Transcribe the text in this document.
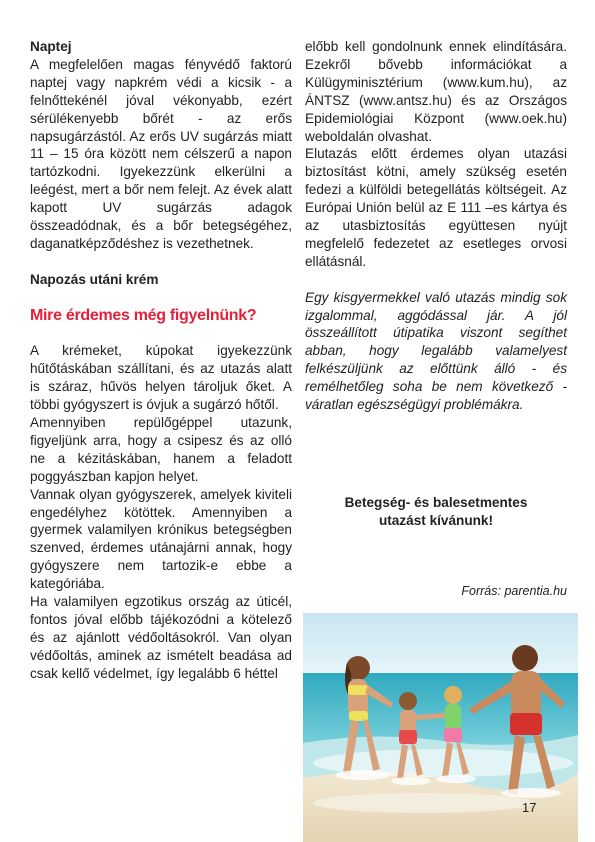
Naptej

A megfelelően magas fényvédő faktorú naptej vagy napkrém védi a kicsik - a felnőttekénél jóval vékonyabb, ezért sérülékenyebb bőrét - az erős napsugárzástól. Az erős UV sugárzás miatt 11 – 15 óra között nem célszerű a napon tartózkodni. Igyekezzünk elkerülni a leégést, mert a bőr nem felejt. Az évek alatt kapott UV sugárzás adagok összeadódnak, és a bőr betegségéhez, daganatképződéshez is vezethetnek.

Napozás utáni krém

Mire érdemes még figyelnünk?

A krémeket, kúpokat igyekezzünk hűtőtáskában szállítani, és az utazás alatt is száraz, hűvös helyen tároljuk őket. A többi gyógyszert is óvjuk a sugárzó hőtől.

Amennyiben repülőgéppel utazunk, figyeljünk arra, hogy a csipesz és az olló ne a kézitáskában, hanem a feladott poggyászban kapjon helyet.

Vannak olyan gyógyszerek, amelyek kiviteli engedélyhez kötöttek. Amennyiben a gyermek valamilyen krónikus betegségben szenved, érdemes utánajárni annak, hogy gyógyszere nem tartozik-e ebbe a kategóriába.

Ha valamilyen egzotikus ország az úticél, fontos jóval előbb tájékozódni a kötelező és az ajánlott védőoltásokról. Van olyan védőoltás, aminek az ismételt beadása ad csak kellő védelmet, így legalább 6 héttel

előbb kell gondolnunk ennek elindítására. Ezekről bővebb információkat a Külügyminisztérium (www.kum.hu), az ÁNTSZ (www.antsz.hu) és az Országos Epidemiológiai Központ (www.oek.hu) weboldalán olvashat.

Elutazás előtt érdemes olyan utazási biztosítást kötni, amely szükség esetén fedezi a külföldi betegellátás költségeit. Az Európai Unión belül az E 111 –es kártya és az utasbiztosítás együttesen nyújt megfelelő fedezetet az esetleges orvosi ellátásnál.

Egy kisgyermekkel való utazás mindig sok izgalommal, aggódással jár. A jól összeállított útipatika viszont segíthet abban, hogy legalább valamelyest felkészüljünk az előttünk álló - és remélhetőleg soha be nem következő - váratlan egészségügyi problémákra.

Betegség- és balesetmentes
utazást kívánunk!
Forrás: parentia.hu
17
